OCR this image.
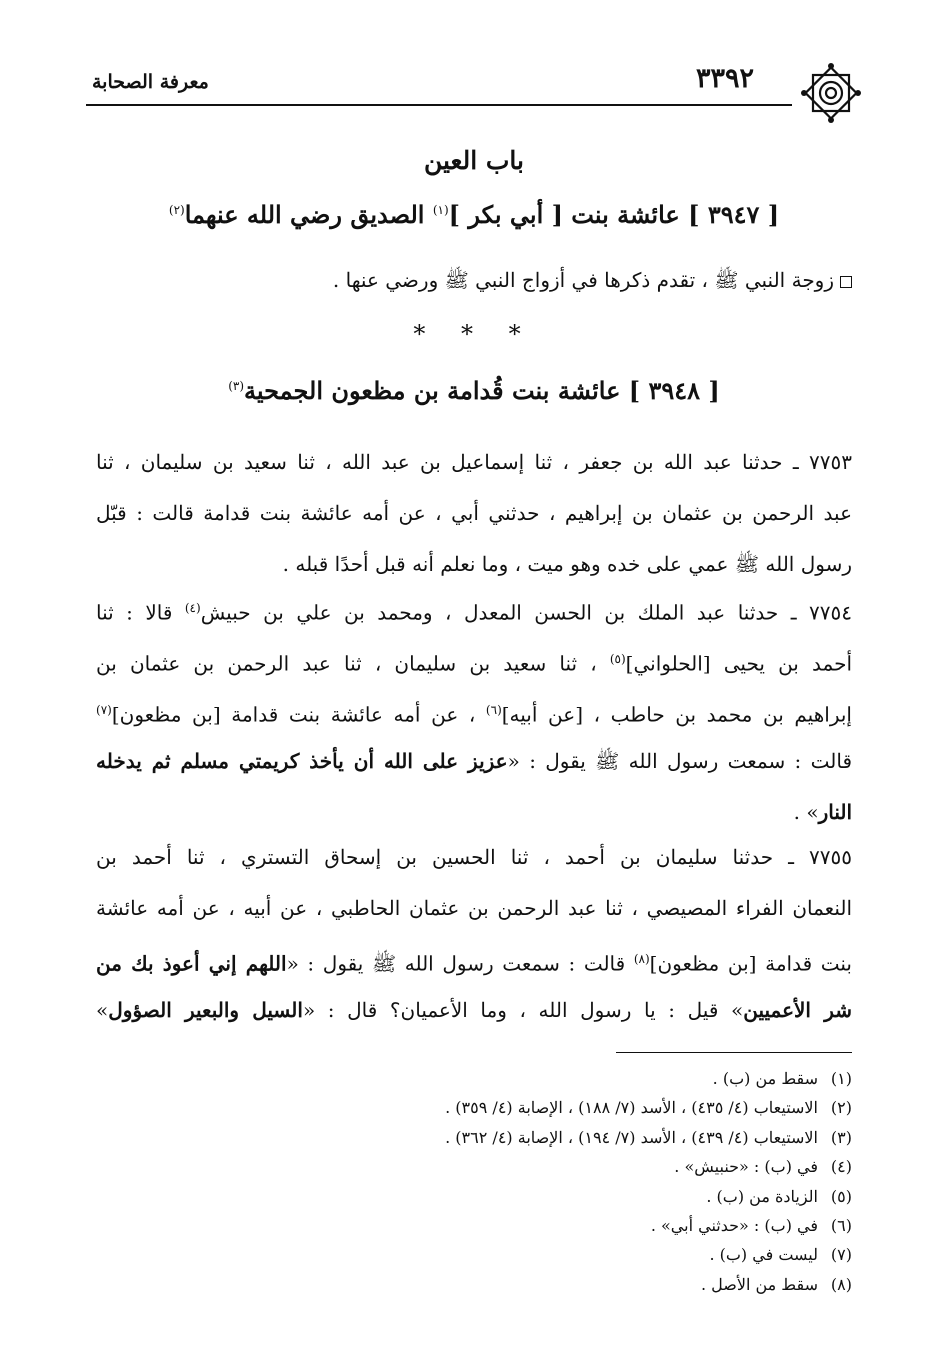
٣٣٩٢
معرفة الصحابة
باب العين
[ ٣٩٤٧ ] عائشة بنت [ أبي بكر ]$^{(١)}$ الصديق رضي الله عنهما$^{(٢)}$
زوجة النبي ﷺ ، تقدم ذكرها في أزواج النبي ﷺ ورضي عنها .
* * *
[ ٣٩٤٨ ] عائشة بنت قُدامة بن مظعون الجمحية$^{(٣)}$
٧٧٥٣ ـ حدثنا عبد الله بن جعفر ، ثنا إسماعيل بن عبد الله ، ثنا سعيد بن سليمان ، ثنا
عبد الرحمن بن عثمان بن إبراهيم ، حدثني أبي ، عن أمه عائشة بنت قدامة قالت : قبّل
رسول الله ﷺ عمي على خده وهو ميت ، وما نعلم أنه قبل أحدًا قبله .
٧٧٥٤ ـ حدثنا عبد الملك بن الحسن المعدل ، ومحمد بن علي بن حبيش$^{(٤)}$ قالا : ثنا
أحمد بن يحيى [الحلواني]$^{(٥)}$ ، ثنا سعيد بن سليمان ، ثنا عبد الرحمن بن عثمان بن
إبراهيم بن محمد بن حاطب ، [عن أبيه]$^{(٦)}$ ، عن أمه عائشة بنت قدامة [بن مظعون]$^{(٧)}$
قالت : سمعت رسول الله ﷺ يقول : «عزيز على الله أن يأخذ كريمتي مسلم ثم يدخله
النار» .
٧٧٥٥ ـ حدثنا سليمان بن أحمد ، ثنا الحسين بن إسحاق التستري ، ثنا أحمد بن
النعمان الفراء المصيصي ، ثنا عبد الرحمن بن عثمان الحاطبي ، عن أبيه ، عن أمه عائشة
بنت قدامة [بن مظعون]$^{(٨)}$ قالت : سمعت رسول الله ﷺ يقول : «اللهم إني أعوذ بك من
شر الأعميين» قيل : يا رسول الله ، وما الأعميان؟ قال : «السيل والبعير الصؤول»
(١)سقط من (ب) .
(٢)الاستيعاب (٤/ ٤٣٥) ، الأسد (٧/ ١٨٨) ، الإصابة (٤/ ٣٥٩) .
(٣)الاستيعاب (٤/ ٤٣٩) ، الأسد (٧/ ١٩٤) ، الإصابة (٤/ ٣٦٢) .
(٤)في (ب) : «حنبيش» .
(٥)الزيادة من (ب) .
(٦)في (ب) : «حدثني أبي» .
(٧)ليست في (ب) .
(٨)سقط من الأصل .
